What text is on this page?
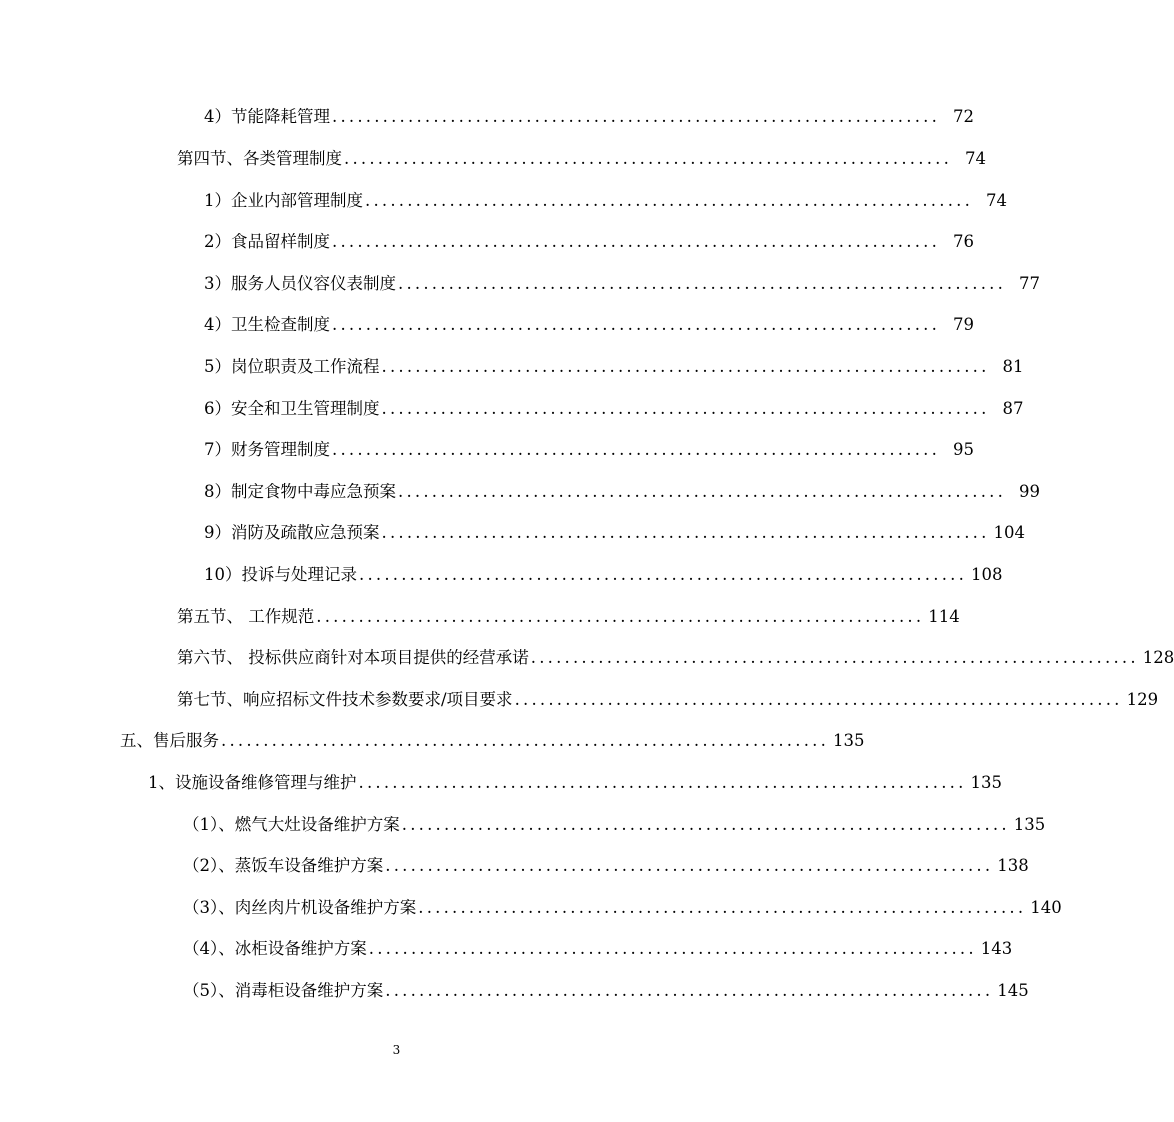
4）节能降耗管理 ........................................................................ 72
第四节、各类管理制度 ........................................................................ 74
1）企业内部管理制度 ........................................................................ 74
2）食品留样制度 ........................................................................ 76
3）服务人员仪容仪表制度 ........................................................................ 77
4）卫生检查制度 ........................................................................ 79
5）岗位职责及工作流程 ........................................................................ 81
6）安全和卫生管理制度 ........................................................................ 87
7）财务管理制度 ........................................................................ 95
8）制定食物中毒应急预案 ........................................................................ 99
9）消防及疏散应急预案 ........................................................................ 104
10）投诉与处理记录 ........................................................................ 108
第五节、 工作规范 ........................................................................ 114
第六节、 投标供应商针对本项目提供的经营承诺 ........................................................................ 128
第七节、响应招标文件技术参数要求/项目要求 ........................................................................ 129
五、售后服务 ........................................................................ 135
1、设施设备维修管理与维护 ........................................................................ 135
（1）、燃气大灶设备维护方案 ........................................................................ 135
（2）、蒸饭车设备维护方案 ........................................................................ 138
（3）、肉丝肉片机设备维护方案 ........................................................................ 140
（4）、冰柜设备维护方案 ........................................................................ 143
（5）、消毒柜设备维护方案 ........................................................................ 145
3
